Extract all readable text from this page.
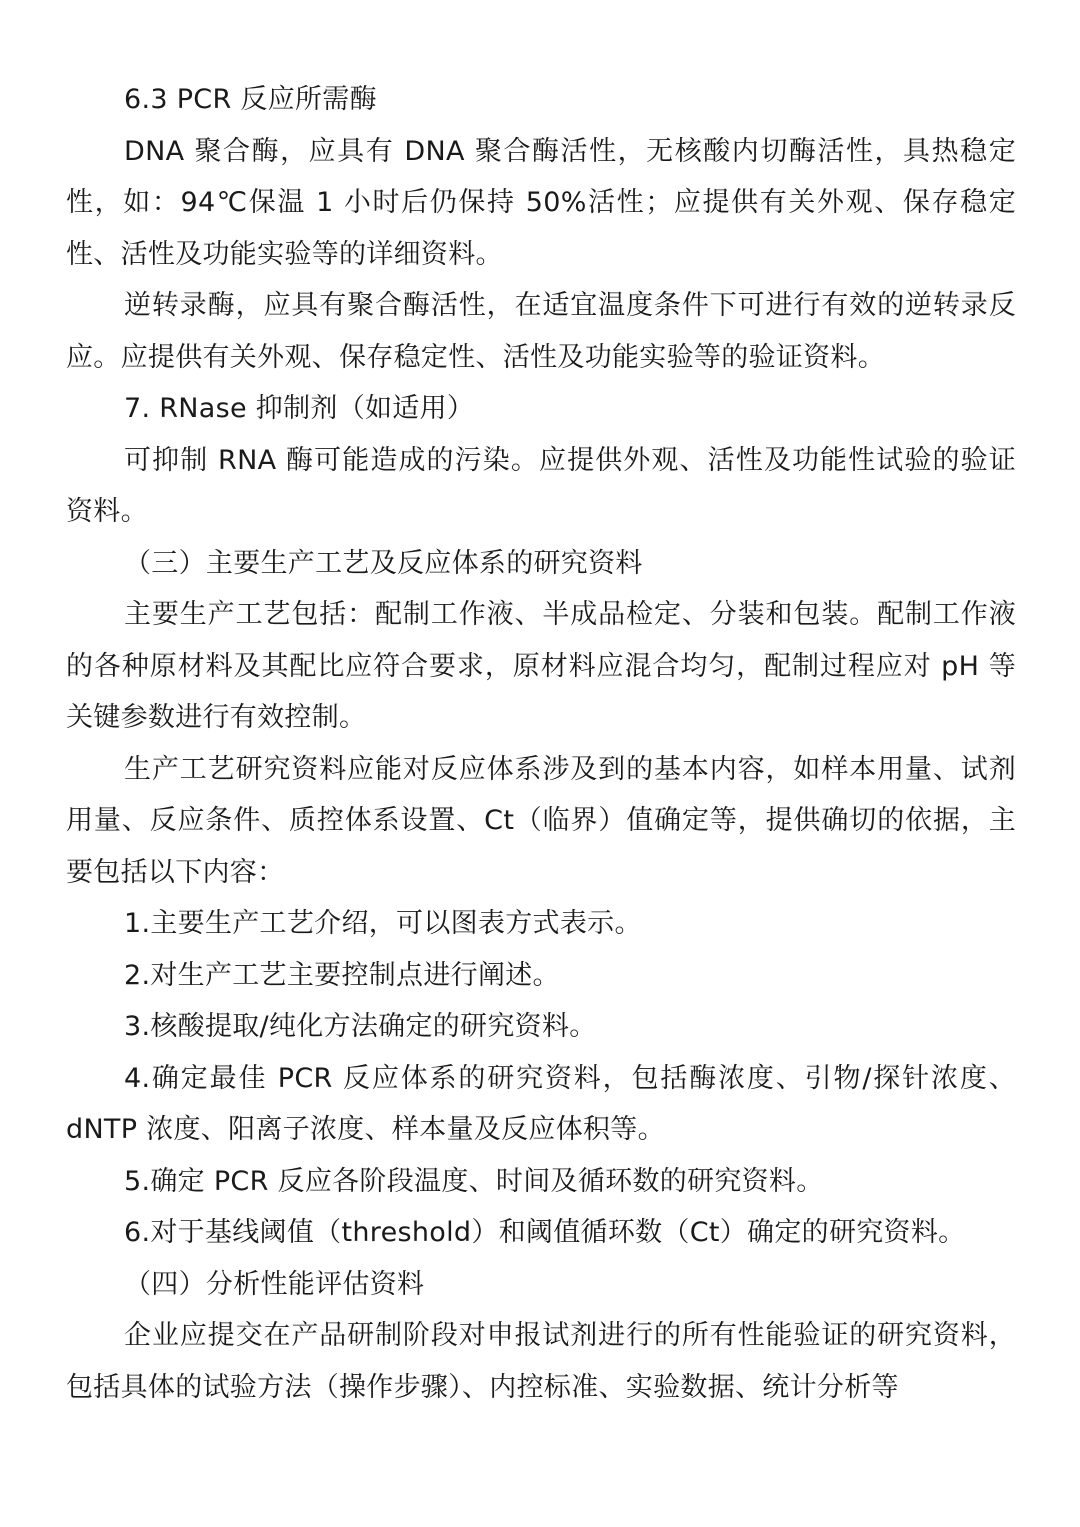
6.3 PCR 反应所需酶

DNA 聚合酶，应具有 DNA 聚合酶活性，无核酸内切酶活性，具热稳定性，如：94℃保温 1 小时后仍保持 50%活性；应提供有关外观、保存稳定性、活性及功能实验等的详细资料。

逆转录酶，应具有聚合酶活性，在适宜温度条件下可进行有效的逆转录反应。应提供有关外观、保存稳定性、活性及功能实验等的验证资料。

7. RNase 抑制剂（如适用）

可抑制 RNA 酶可能造成的污染。应提供外观、活性及功能性试验的验证资料。

（三）主要生产工艺及反应体系的研究资料

主要生产工艺包括：配制工作液、半成品检定、分装和包装。配制工作液的各种原材料及其配比应符合要求，原材料应混合均匀，配制过程应对 pH 等关键参数进行有效控制。

生产工艺研究资料应能对反应体系涉及到的基本内容，如样本用量、试剂用量、反应条件、质控体系设置、Ct（临界）值确定等，提供确切的依据，主要包括以下内容：

1.主要生产工艺介绍，可以图表方式表示。

2.对生产工艺主要控制点进行阐述。

3.核酸提取/纯化方法确定的研究资料。

4.确定最佳 PCR 反应体系的研究资料，包括酶浓度、引物/探针浓度、dNTP 浓度、阳离子浓度、样本量及反应体积等。

5.确定 PCR 反应各阶段温度、时间及循环数的研究资料。

6.对于基线阈值（threshold）和阈值循环数（Ct）确定的研究资料。

（四）分析性能评估资料

企业应提交在产品研制阶段对申报试剂进行的所有性能验证的研究资料，包括具体的试验方法（操作步骤）、内控标准、实验数据、统计分析等
